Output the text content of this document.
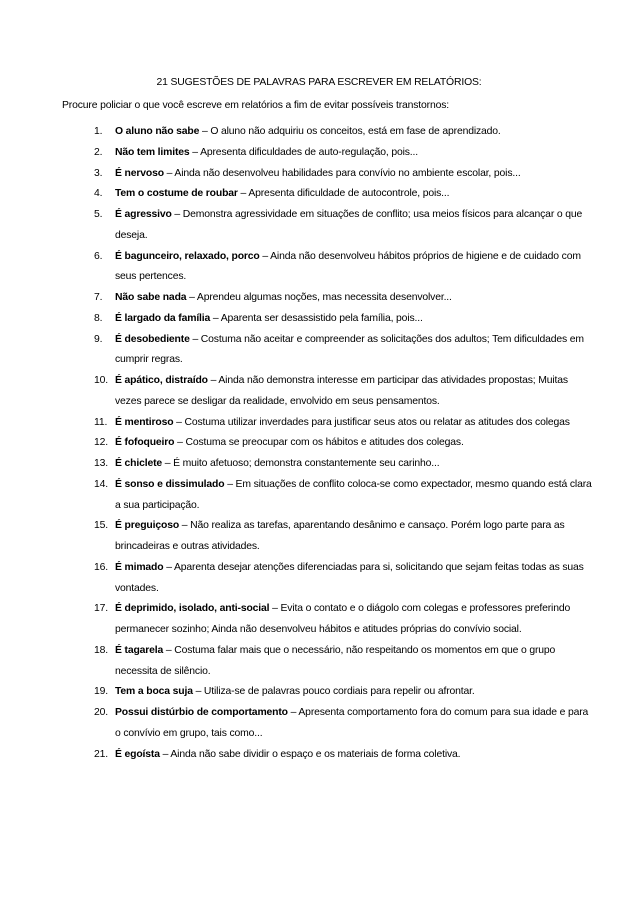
21 SUGESTÕES DE PALAVRAS PARA ESCREVER EM RELATÓRIOS:
Procure policiar o que você escreve em relatórios a fim de evitar possíveis transtornos:
1. O aluno não sabe – O aluno não adquiriu os conceitos, está em fase de aprendizado.
2. Não tem limites – Apresenta dificuldades de auto-regulação, pois...
3. É nervoso – Ainda não desenvolveu habilidades para convívio no ambiente escolar, pois...
4. Tem o costume de roubar – Apresenta dificuldade de autocontrole, pois...
5. É agressivo – Demonstra agressividade em situações de conflito; usa meios físicos para alcançar o que deseja.
6. É bagunceiro, relaxado, porco – Ainda não desenvolveu hábitos próprios de higiene e de cuidado com seus pertences.
7. Não sabe nada – Aprendeu algumas noções, mas necessita desenvolver...
8. É largado da família – Aparenta ser desassistido pela família, pois...
9. É desobediente – Costuma não aceitar e compreender as solicitações dos adultos; Tem dificuldades em cumprir regras.
10. É apático, distraído – Ainda não demonstra interesse em participar das atividades propostas; Muitas vezes parece se desligar da realidade, envolvido em seus pensamentos.
11. É mentiroso – Costuma utilizar inverdades para justificar seus atos ou relatar as atitudes dos colegas
12. É fofoqueiro – Costuma se preocupar com os hábitos e atitudes dos colegas.
13. É chiclete – É muito afetuoso; demonstra constantemente seu carinho...
14. É sonso e dissimulado – Em situações de conflito coloca-se como expectador, mesmo quando está clara a sua participação.
15. É preguiçoso – Não realiza as tarefas, aparentando desânimo e cansaço. Porém logo parte para as brincadeiras e outras atividades.
16. É mimado – Aparenta desejar atenções diferenciadas para si, solicitando que sejam feitas todas as suas vontades.
17. É deprimido, isolado, anti-social – Evita o contato e o diágolo com colegas e professores preferindo permanecer sozinho; Ainda não desenvolveu hábitos e atitudes próprias do convívio social.
18. É tagarela – Costuma falar mais que o necessário, não respeitando os momentos em que o grupo necessita de silêncio.
19. Tem a boca suja – Utiliza-se de palavras pouco cordiais para repelir ou afrontar.
20. Possui distúrbio de comportamento – Apresenta comportamento fora do comum para sua idade e para o convívio em grupo, tais como...
21. É egoísta – Ainda não sabe dividir o espaço e os materiais de forma coletiva.
